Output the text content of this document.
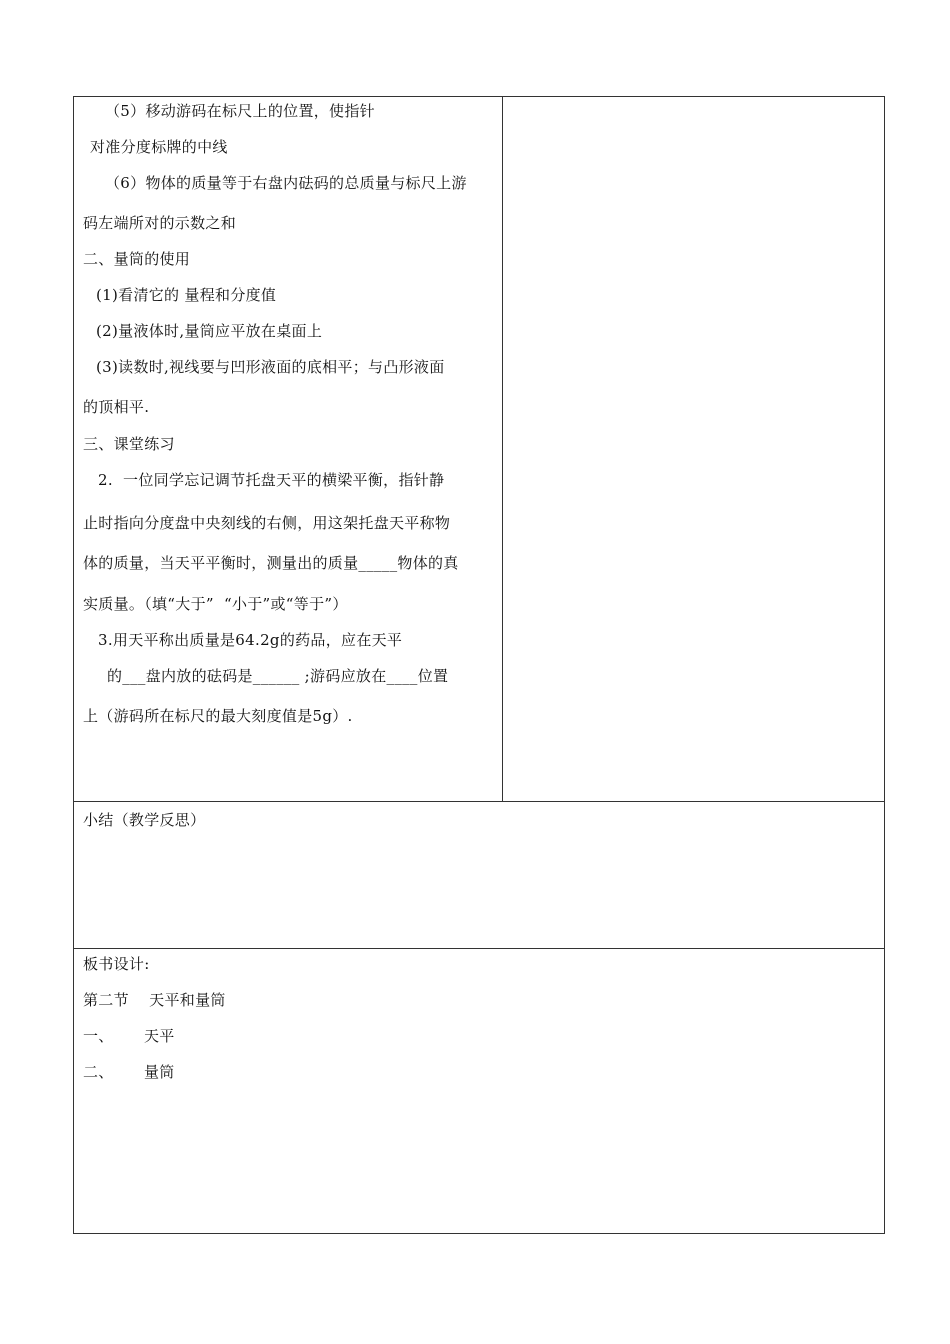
（5）移动游码在标尺上的位置，使指针
对准分度标牌的中线
（6）物体的质量等于右盘内砝码的总质量与标尺上游
码左端所对的示数之和
二、量筒的使用
(1)看清它的 量程和分度值
(2)量液体时,量筒应平放在桌面上
(3)读数时,视线要与凹形液面的底相平；与凸形液面
的顶相平.
三、课堂练习
2.  一位同学忘记调节托盘天平的横梁平衡，指针静
止时指向分度盘中央刻线的右侧，用这架托盘天平称物
体的质量，当天平平衡时，测量出的质量_____物体的真
实质量。（填“大于”  “小于”或“等于”）
3.用天平称出质量是64.2g的药品，应在天平
的___盘内放的砝码是______ ;游码应放在____位置
上（游码所在标尺的最大刻度值是5g）.
小结（教学反思）
板书设计:
第二节    天平和量筒
一、      天平
二、      量筒
